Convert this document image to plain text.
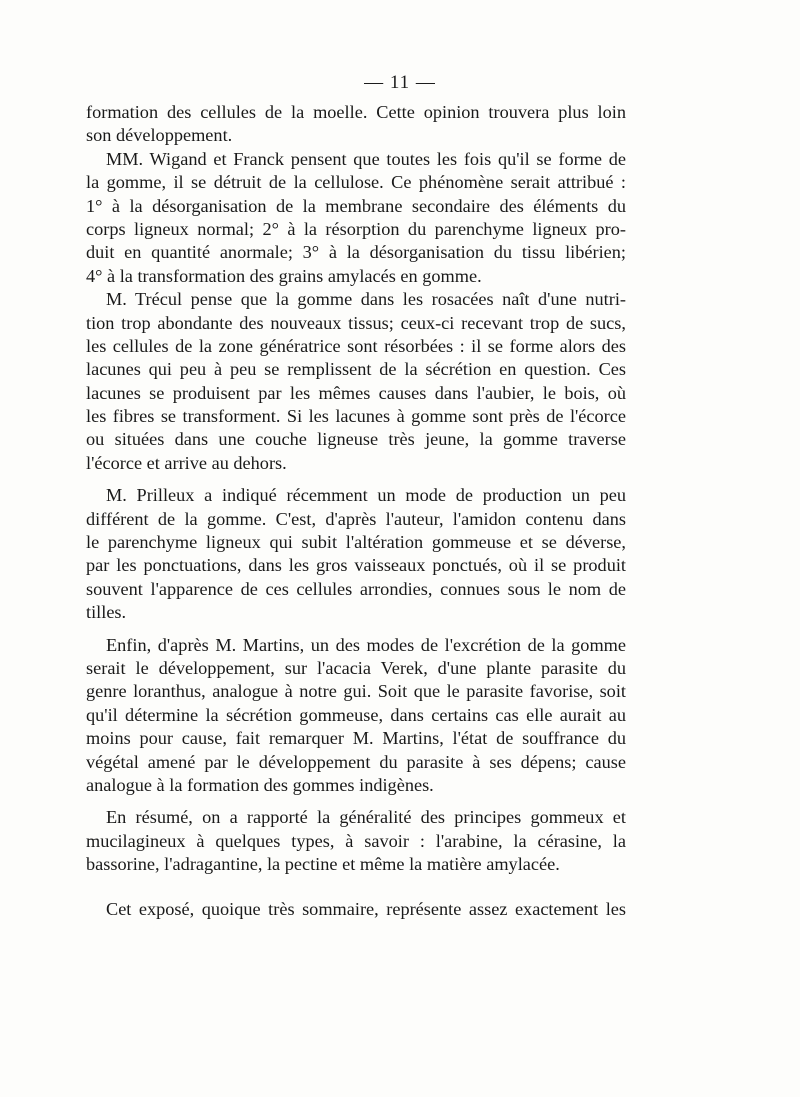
— 11 —
formation des cellules de la moelle. Cette opinion trouvera plus loin
son développement.
MM. Wigand et Franck pensent que toutes les fois qu'il se forme de
la gomme, il se détruit de la cellulose. Ce phénomène serait attribué :
1° à la désorganisation de la membrane secondaire des éléments du
corps ligneux normal; 2° à la résorption du parenchyme ligneux pro-
duit en quantité anormale; 3° à la désorganisation du tissu libérien;
4° à la transformation des grains amylacés en gomme.
M. Trécul pense que la gomme dans les rosacées naît d'une nutri-
tion trop abondante des nouveaux tissus; ceux-ci recevant trop de sucs,
les cellules de la zone génératrice sont résorbées : il se forme alors des
lacunes qui peu à peu se remplissent de la sécrétion en question. Ces
lacunes se produisent par les mêmes causes dans l'aubier, le bois, où
les fibres se transforment. Si les lacunes à gomme sont près de l'écorce
ou situées dans une couche ligneuse très jeune, la gomme traverse
l'écorce et arrive au dehors.
M. Prilleux a indiqué récemment un mode de production un peu
différent de la gomme. C'est, d'après l'auteur, l'amidon contenu dans
le parenchyme ligneux qui subit l'altération gommeuse et se déverse,
par les ponctuations, dans les gros vaisseaux ponctués, où il se produit
souvent l'apparence de ces cellules arrondies, connues sous le nom de
tilles.
Enfin, d'après M. Martins, un des modes de l'excrétion de la gomme
serait le développement, sur l'acacia Verek, d'une plante parasite du
genre loranthus, analogue à notre gui. Soit que le parasite favorise, soit
qu'il détermine la sécrétion gommeuse, dans certains cas elle aurait au
moins pour cause, fait remarquer M. Martins, l'état de souffrance du
végétal amené par le développement du parasite à ses dépens; cause
analogue à la formation des gommes indigènes.
En résumé, on a rapporté la généralité des principes gommeux et
mucilagineux à quelques types, à savoir : l'arabine, la cérasine, la
bassorine, l'adragantine, la pectine et même la matière amylacée.
Cet exposé, quoique très sommaire, représente assez exactement les
